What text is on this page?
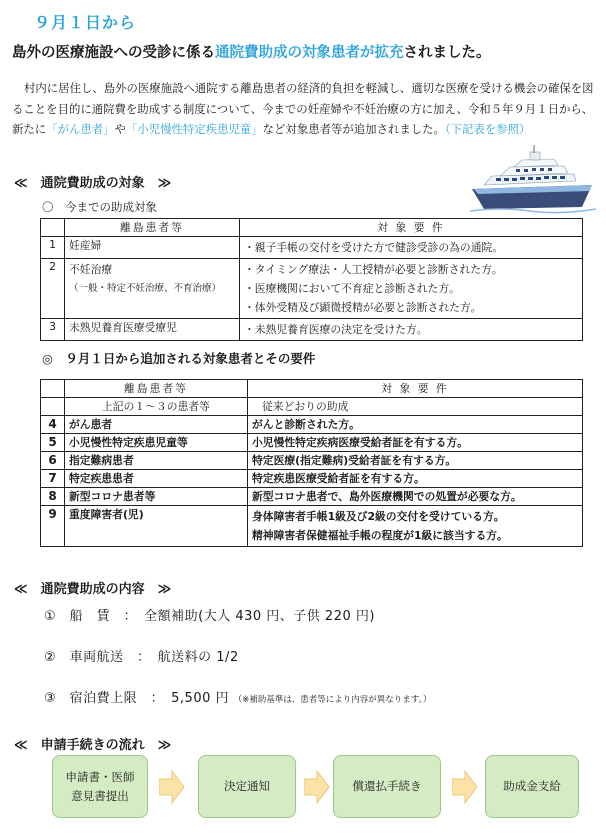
９月１日から
島外の医療施設への受診に係る通院費助成の対象患者が拡充されました。
村内に居住し、島外の医療施設へ通院する離島患者の経済的負担を軽減し、適切な医療を受ける機会の確保を図ることを目的に通院費を助成する制度について、今までの妊産婦や不妊治療の方に加え、令和５年９月１日から、新たに「がん患者」や「小児慢性特定疾患児童」など対象患者等が追加されました。（下記表を参照）
≪　通院費助成の対象　≫
〇　今までの助成対象
	離島患者等	対 象 要 件
1	妊産婦	・親子手帳の交付を受けた方で健診受診の為の通院。

2	不妊治療
（一般・特定不妊治療、不育治療）	・タイミング療法・人工授精が必要と診断された方。
・医療機関において不育症と診断された方。
・体外受精及び顕微授精が必要と診断された方。

3	未熟児養育医療受療児	・未熟児養育医療の決定を受けた方。
◎　９月１日から追加される対象患者とその要件
	離島患者等	対 象 要 件
	上記の１～３の患者等	従来どおりの助成
4	がん患者	がんと診断された方。
5	小児慢性特定疾患児童等	小児慢性特定疾病医療受給者証を有する方。
6	指定難病患者	特定医療(指定難病)受給者証を有する方。
7	特定疾患患者	特定疾患医療受給者証を有する方。
8	新型コロナ患者等	新型コロナ患者で、島外医療機関での処置が必要な方。
9	重度障害者(児)	身体障害者手帳1級及び2級の交付を受けている方。
精神障害者保健福祉手帳の程度が1級に該当する方。
≪　通院費助成の内容　≫
①　船　賃　：　全額補助(大人 430 円、子供 220 円)
②　車両航送　：　航送料の 1/2
③　宿泊費上限　：　5,500 円 （※補助基準は、患者等により内容が異なります。）
≪　申請手続きの流れ　≫
申請書・医師
意見書提出
決定通知	償還払手続き	助成金支給
